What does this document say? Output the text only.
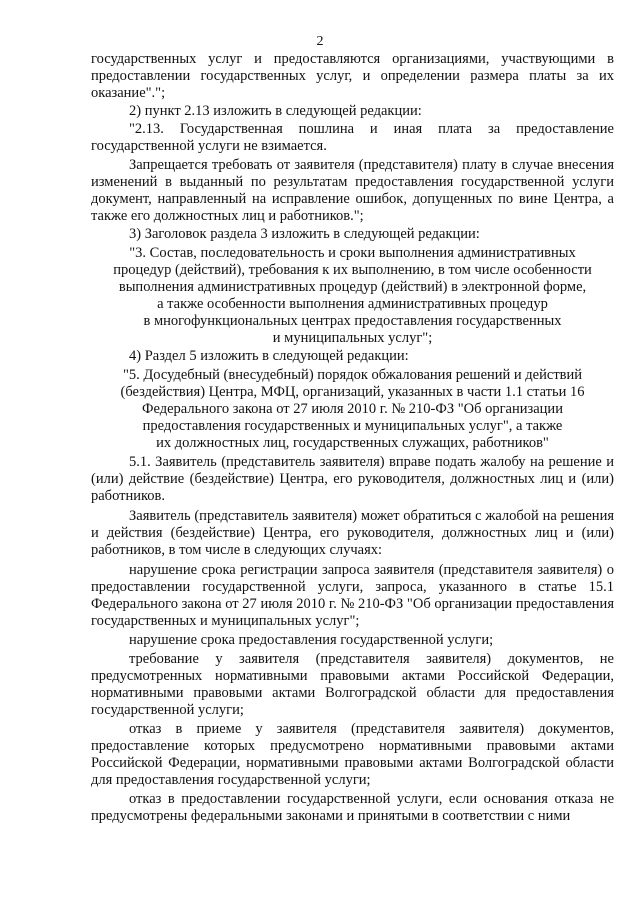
2

государственных услуг и предоставляются организациями, участвующими в предоставлении государственных услуг, и определении размера платы за их оказание".";

2) пункт 2.13 изложить в следующей редакции:

"2.13. Государственная пошлина и иная плата за предоставление государственной услуги не взимается.

Запрещается требовать от заявителя (представителя) плату в случае внесения изменений в выданный по результатам предоставления государственной услуги документ, направленный на исправление ошибок, допущенных по вине Центра, а также его должностных лиц и работников.";

3) Заголовок раздела 3 изложить в следующей редакции:

"3. Состав, последовательность и сроки выполнения административных
процедур (действий), требования к их выполнению, в том числе особенности
выполнения административных процедур (действий) в электронной форме,
а также особенности выполнения административных процедур
в многофункциональных центрах предоставления государственных
и муниципальных услуг";

4) Раздел 5 изложить в следующей редакции:

"5. Досудебный (внесудебный) порядок обжалования решений и действий
(бездействия) Центра, МФЦ, организаций, указанных в части 1.1 статьи 16
Федерального закона от 27 июля 2010 г. № 210-ФЗ "Об организации
предоставления государственных и муниципальных услуг", а также
их должностных лиц, государственных служащих, работников"

5.1. Заявитель (представитель заявителя) вправе подать жалобу на решение и (или) действие (бездействие) Центра, его руководителя, должностных лиц и (или) работников.

Заявитель (представитель заявителя) может обратиться с жалобой на решения и действия (бездействие) Центра, его руководителя, должностных лиц и (или) работников, в том числе в следующих случаях:

нарушение срока регистрации запроса заявителя (представителя заявителя) о предоставлении государственной услуги, запроса, указанного в статье 15.1 Федерального закона от 27 июля 2010 г. № 210-ФЗ "Об организации предоставления государственных и муниципальных услуг";

нарушение срока предоставления государственной услуги;

требование у заявителя (представителя заявителя) документов, не предусмотренных нормативными правовыми актами Российской Федерации, нормативными правовыми актами Волгоградской области для предоставления государственной услуги;

отказ в приеме у заявителя (представителя заявителя) документов, предоставление которых предусмотрено нормативными правовыми актами Российской Федерации, нормативными правовыми актами Волгоградской области для предоставления государственной услуги;

отказ в предоставлении государственной услуги, если основания отказа не предусмотрены федеральными законами и принятыми в соответствии с ними
